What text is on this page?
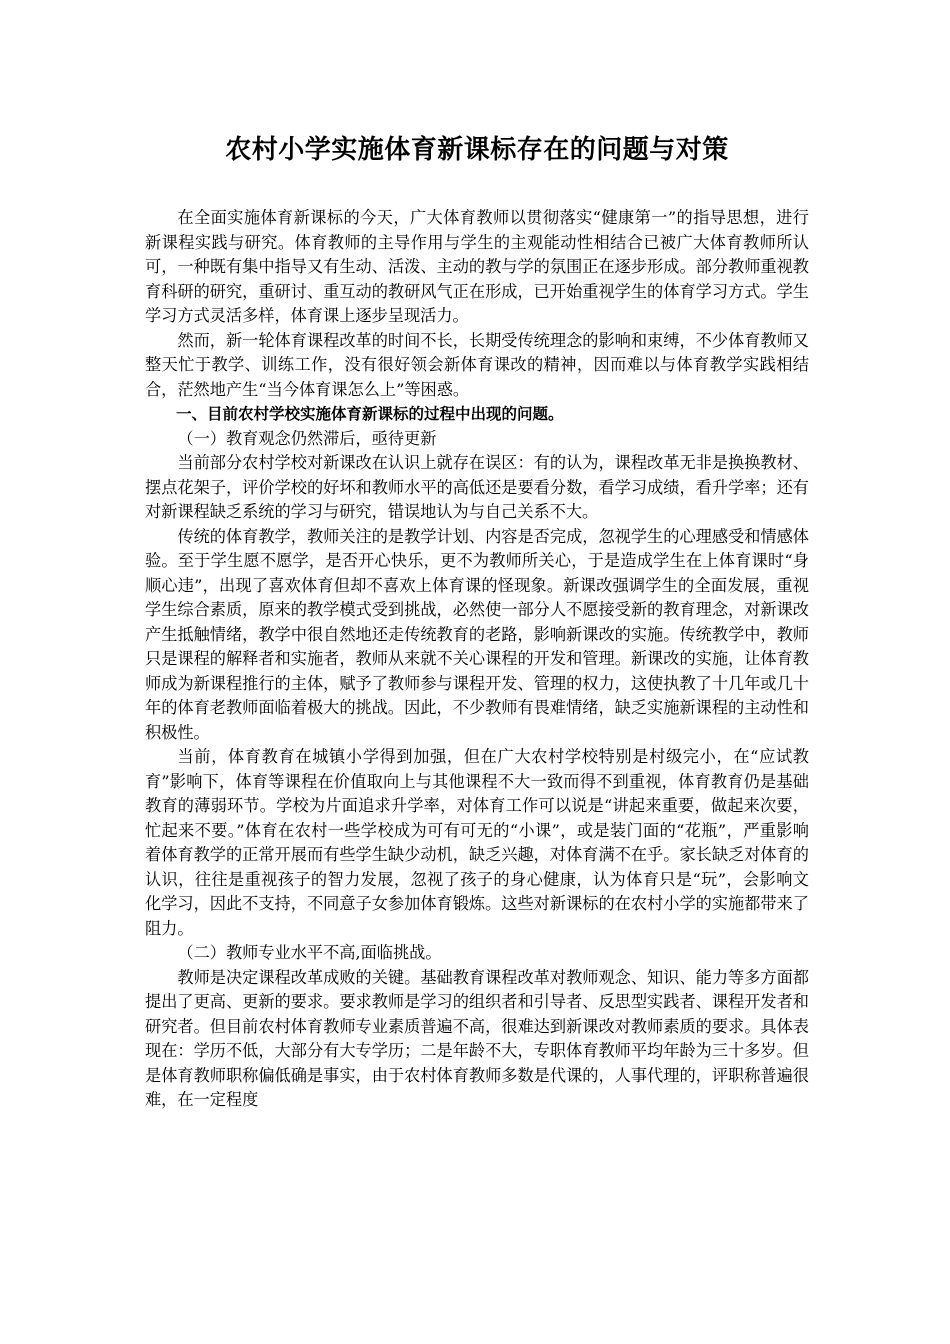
农村小学实施体育新课标存在的问题与对策

在全面实施体育新课标的今天，广大体育教师以贯彻落实“健康第一”的指导思想，进行新课程实践与研究。体育教师的主导作用与学生的主观能动性相结合已被广大体育教师所认可，一种既有集中指导又有生动、活泼、主动的教与学的氛围正在逐步形成。部分教师重视教育科研的研究，重研讨、重互动的教研风气正在形成，已开始重视学生的体育学习方式。学生学习方式灵活多样，体育课上逐步呈现活力。

然而，新一轮体育课程改革的时间不长，长期受传统理念的影响和束缚，不少体育教师又整天忙于教学、训练工作，没有很好领会新体育课改的精神，因而难以与体育教学实践相结合，茫然地产生“当今体育课怎么上”等困惑。

一、目前农村学校实施体育新课标的过程中出现的问题。

（一）教育观念仍然滞后，亟待更新

当前部分农村学校对新课改在认识上就存在误区：有的认为，课程改革无非是换换教材、摆点花架子，评价学校的好坏和教师水平的高低还是要看分数，看学习成绩，看升学率；还有对新课程缺乏系统的学习与研究，错误地认为与自己关系不大。

传统的体育教学，教师关注的是教学计划、内容是否完成，忽视学生的心理感受和情感体验。至于学生愿不愿学，是否开心快乐，更不为教师所关心，于是造成学生在上体育课时“身顺心违”，出现了喜欢体育但却不喜欢上体育课的怪现象。新课改强调学生的全面发展，重视学生综合素质，原来的教学模式受到挑战，必然使一部分人不愿接受新的教育理念，对新课改产生抵触情绪，教学中很自然地还走传统教育的老路，影响新课改的实施。传统教学中，教师只是课程的解释者和实施者，教师从来就不关心课程的开发和管理。新课改的实施，让体育教师成为新课程推行的主体，赋予了教师参与课程开发、管理的权力，这使执教了十几年或几十年的体育老教师面临着极大的挑战。因此，不少教师有畏难情绪，缺乏实施新课程的主动性和积极性。

当前，体育教育在城镇小学得到加强，但在广大农村学校特别是村级完小，在“应试教育”影响下，体育等课程在价值取向上与其他课程不大一致而得不到重视，体育教育仍是基础教育的薄弱环节。学校为片面追求升学率，对体育工作可以说是“讲起来重要，做起来次要，忙起来不要。”体育在农村一些学校成为可有可无的“小课”，或是装门面的“花瓶”，严重影响着体育教学的正常开展而有些学生缺少动机，缺乏兴趣，对体育满不在乎。家长缺乏对体育的认识，往往是重视孩子的智力发展，忽视了孩子的身心健康，认为体育只是“玩”，会影响文化学习，因此不支持，不同意子女参加体育锻炼。这些对新课标的在农村小学的实施都带来了阻力。

（二）教师专业水平不高,面临挑战。

教师是决定课程改革成败的关键。基础教育课程改革对教师观念、知识、能力等多方面都提出了更高、更新的要求。要求教师是学习的组织者和引导者、反思型实践者、课程开发者和研究者。但目前农村体育教师专业素质普遍不高，很难达到新课改对教师素质的要求。具体表现在：学历不低，大部分有大专学历；二是年龄不大，专职体育教师平均年龄为三十多岁。但是体育教师职称偏低确是事实，由于农村体育教师多数是代课的，人事代理的，评职称普遍很难，在一定程度
